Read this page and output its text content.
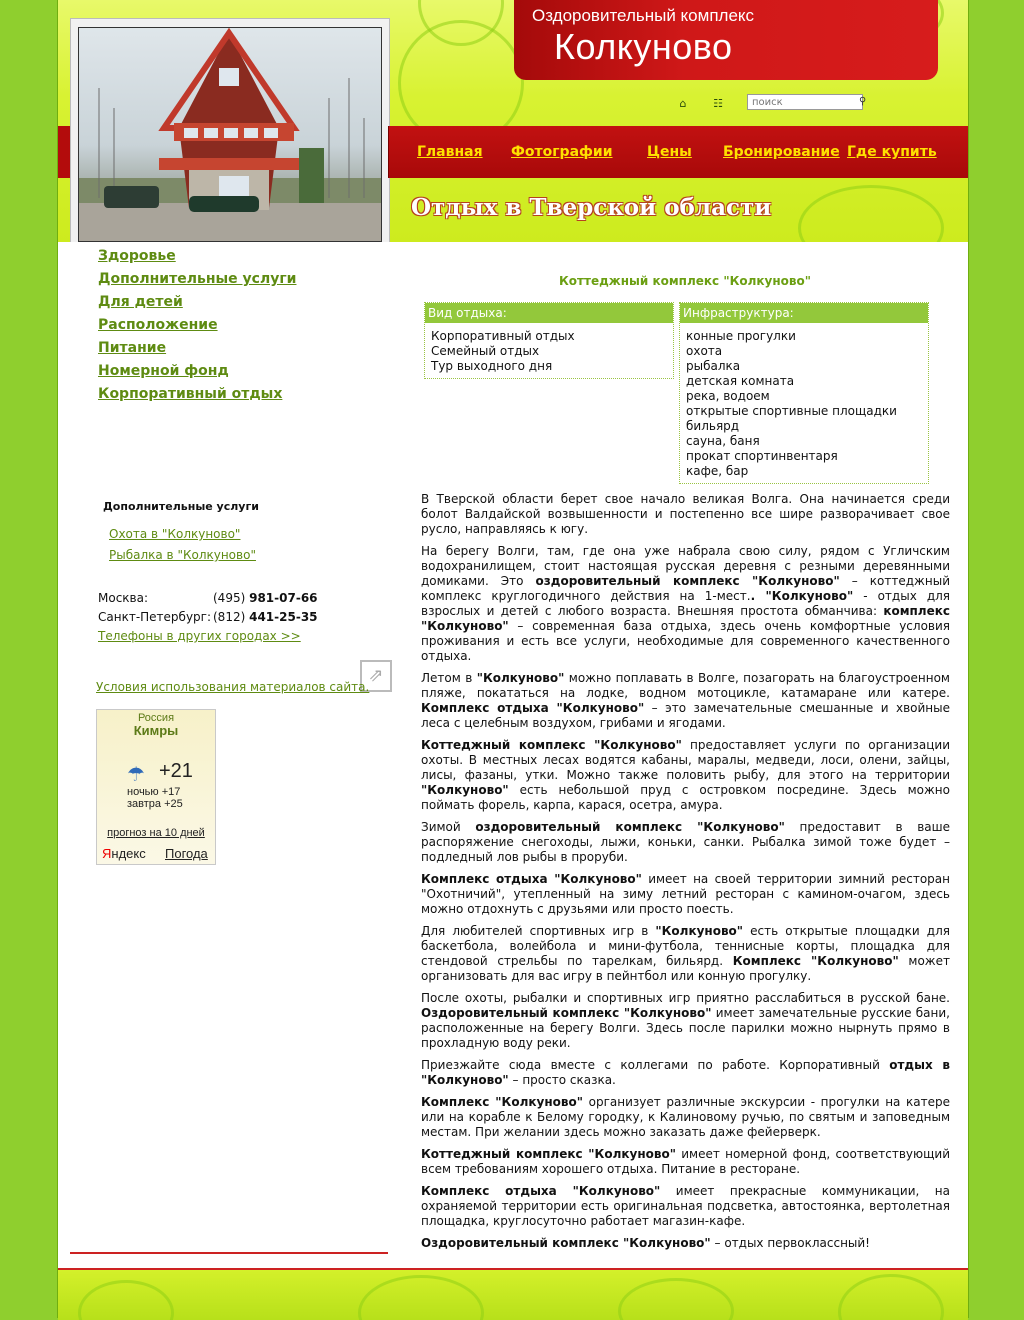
Оздоровительный комплекс
Колкуново
⌂ ☷
поиск	⚲
Главная Фотографии Цены Бронирование Где купить
Отдых в Тверской области
Здоровье
Дополнительные услуги
Для детей
Расположение
Питание
Номерной фонд
Корпоративный отдых
Дополнительные услуги
Охота в "Колкуново"
Рыбалка в "Колкуново"
Москва:	(495) 981-07-66
Санкт-Петербург: (812) 441-25-35
Телефоны в других городах >>
⇗
Условия использования материалов сайта.
Россия
Кимры
☂ +21
ночью +17
завтра +25
прогноз на 10 дней
Яндекс Погода
Коттеджный комплекс "Колкуново"
Вид отдыха:
Корпоративный отдых
Семейный отдых
Тур выходного дня
Инфраструктура:
конные прогулки
охота
рыбалка
детская комната
река, водоем
открытые спортивные площадки
бильярд
сауна, баня
прокат спортинвентаря
кафе, бар

В Тверской области берет свое начало великая Волга. Она начинается среди болот Валдайской возвышенности и постепенно все шире разворачивает свое русло, направляясь к югу.

На берегу Волги, там, где она уже набрала свою силу, рядом с Угличским водохранилищем, стоит настоящая русская деревня с резными деревянными домиками. Это оздоровительный комплекс "Колкуново" – коттеджный комплекс круглогодичного действия на 1-мест.. "Колкуново" - отдых для взрослых и детей с любого возраста. Внешняя простота обманчива: комплекс "Колкуново" – современная база отдыха, здесь очень комфортные условия проживания и есть все услуги, необходимые для современного качественного отдыха.

Летом в "Колкуново" можно поплавать в Волге, позагорать на благоустроенном пляже, покататься на лодке, водном мотоцикле, катамаране или катере. Комплекс отдыха "Колкуново" – это замечательные смешанные и хвойные леса с целебным воздухом, грибами и ягодами.

Коттеджный комплекс "Колкуново" предоставляет услуги по организации охоты. В местных лесах водятся кабаны, маралы, медведи, лоси, олени, зайцы, лисы, фазаны, утки. Можно также половить рыбу, для этого на территории "Колкуново" есть небольшой пруд с островком посредине. Здесь можно поймать форель, карпа, карася, осетра, амура.

Зимой оздоровительный комплекс "Колкуново" предоставит в ваше распоряжение снегоходы, лыжи, коньки, санки. Рыбалка зимой тоже будет – подледный лов рыбы в проруби.

Комплекс отдыха "Колкуново" имеет на своей территории зимний ресторан "Охотничий", утепленный на зиму летний ресторан с камином-очагом, здесь можно отдохнуть с друзьями или просто поесть.

Для любителей спортивных игр в "Колкуново" есть открытые площадки для баскетбола, волейбола и мини-футбола, теннисные корты, площадка для стендовой стрельбы по тарелкам, бильярд. Комплекс "Колкуново" может организовать для вас игру в пейнтбол или конную прогулку.

После охоты, рыбалки и спортивных игр приятно расслабиться в русской бане. Оздоровительный комплекс "Колкуново" имеет замечательные русские бани, расположенные на берегу Волги. Здесь после парилки можно нырнуть прямо в прохладную воду реки.

Приезжайте сюда вместе с коллегами по работе. Корпоративный отдых в "Колкуново" – просто сказка.

Комплекс "Колкуново" организует различные экскурсии - прогулки на катере или на корабле к Белому городку, к Калиновому ручью, по святым и заповедным местам. При желании здесь можно заказать даже фейерверк.

Коттеджный комплекс "Колкуново" имеет номерной фонд, соответствующий всем требованиям хорошего отдыха. Питание в ресторане.

Комплекс отдыха "Колкуново" имеет прекрасные коммуникации, на охраняемой территории есть оригинальная подсветка, автостоянка, вертолетная площадка, круглосуточно работает магазин-кафе.

Оздоровительный комплекс "Колкуново" – отдых первоклассный!
